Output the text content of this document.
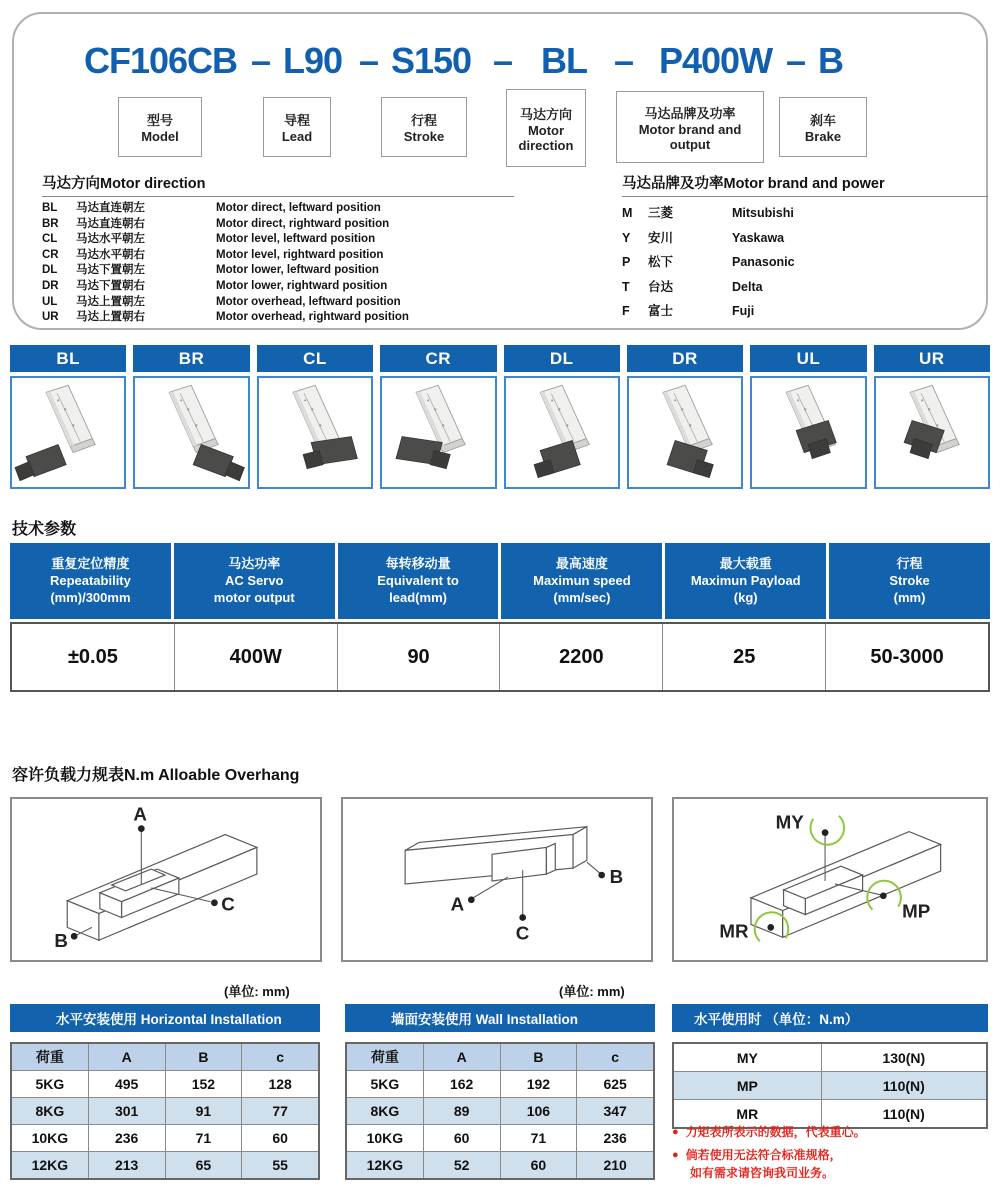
CF106CB – L90 – S150 – BL – P400W – B
型号
Model
导程
Lead
行程
Stroke
马达方向
Motor direction
马达品牌及功率
Motor brand and output
刹车
Brake
马达方向Motor direction
BL	马达直连朝左	Motor direct, leftward position
BR	马达直连朝右	Motor direct, rightward position
CL	马达水平朝左	Motor level, leftward position
CR	马达水平朝右	Motor level, rightward position
DL	马达下置朝左	Motor lower, leftward position
DR	马达下置朝右	Motor lower, rightward position
UL	马达上置朝左	Motor overhead, leftward position
UR	马达上置朝右	Motor overhead, rightward position
马达品牌及功率Motor brand and power
M	三菱	Mitsubishi
Y	安川	Yaskawa
P	松下	Panasonic
T	台达	Delta
F	富士	Fuji
BL	BR	CL	CR	DL	DR	UL	UR
技术参数
重复定位精度
Repeatability
(mm)/300mm
马达功率
AC Servo
motor output
每转移动量
Equivalent to
lead(mm)
最高速度
Maximun speed
(mm/sec)
最大载重
Maximun Payload
(kg)
行程
Stroke
(mm)
±0.05	400W	90	2200	25	50-3000
容许负载力规表N.m Alloable Overhang
A
C
B
A
B
C
MY
MP
MR
(单位: mm)	(单位: mm)
水平安装使用 Horizontal Installation	墙面安装使用 Wall Installation	水平使用时 （单位：N.m）
荷重	A	B	c
5KG	495	152	128
8KG	301	91	77
10KG	236	71	60
12KG	213	65	55
荷重	A	B	c
5KG	162	192	625
8KG	89	106	347
10KG	60	71	236
12KG	52	60	210
MY	130(N)
MP	110(N)
MR	110(N)
● 力矩表所表示的数据，代表重心。
● 倘若使用无法符合标准规格，
如有需求请咨询我司业务。
